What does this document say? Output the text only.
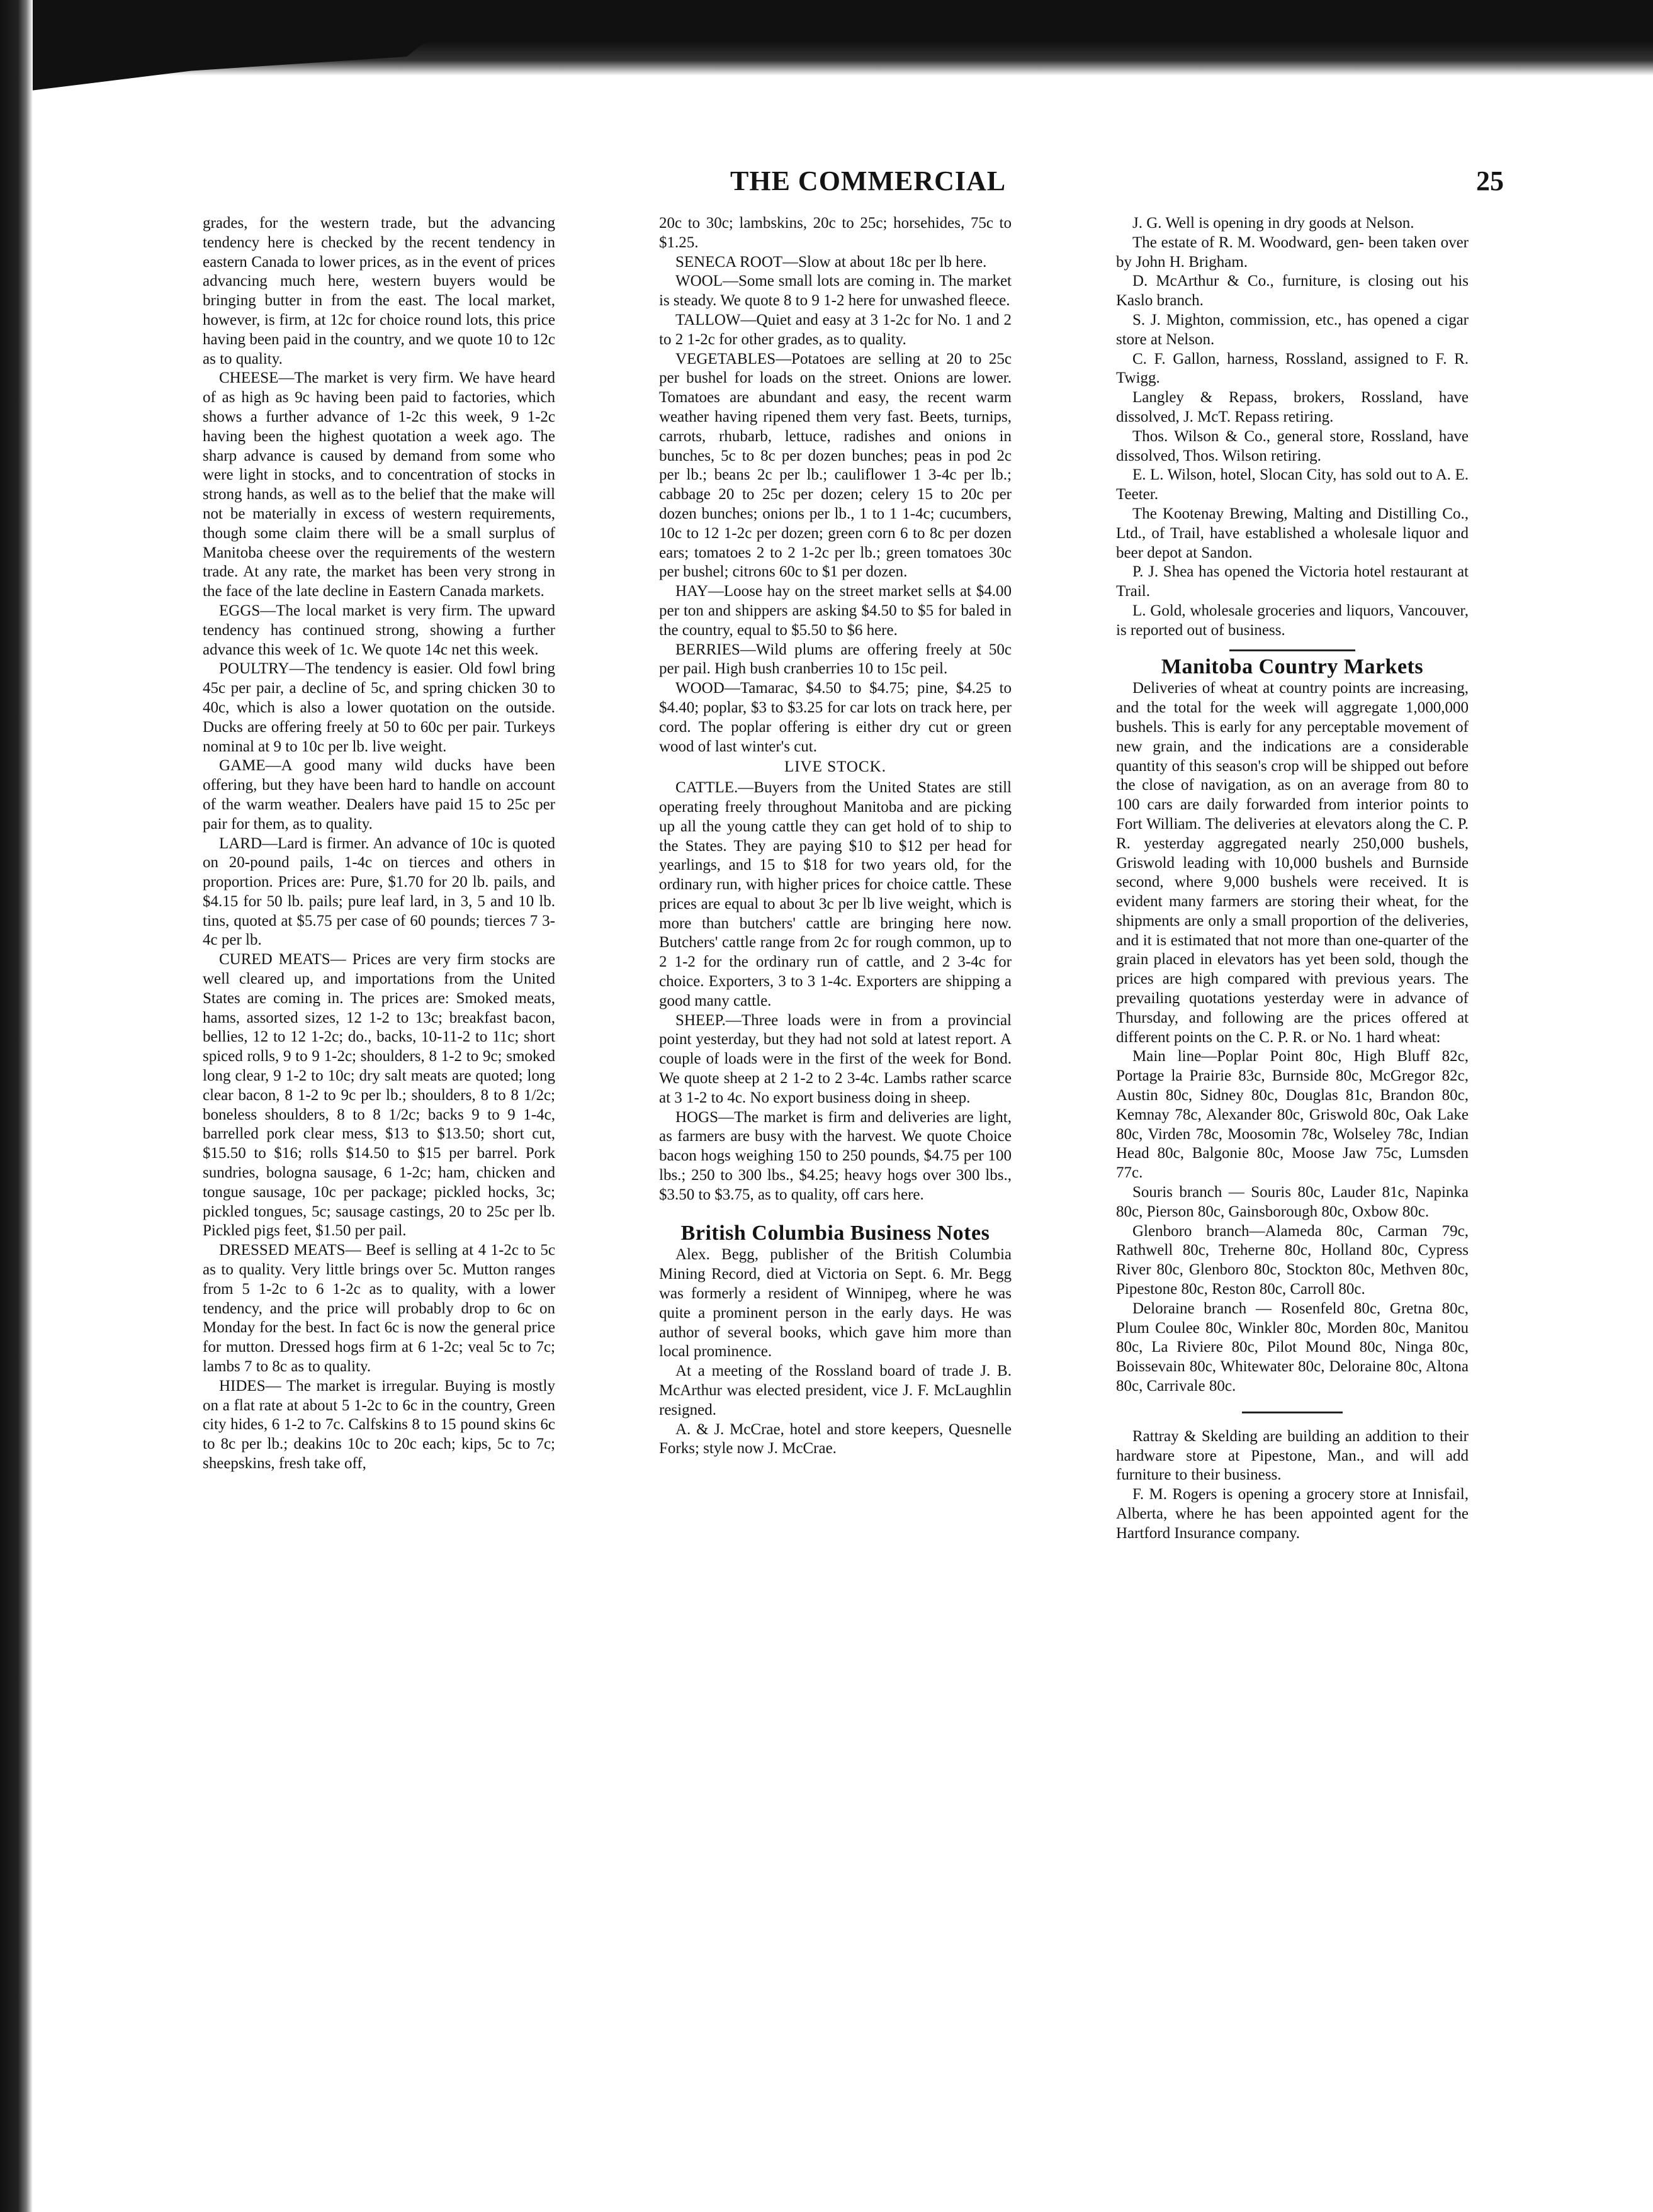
THE COMMERCIAL	25

grades, for the western trade, but the advancing tendency here is checked by the recent tendency in eastern Canada to lower prices, as in the event of prices advancing much here, western buyers would be bringing butter in from the east. The local market, however, is firm, at 12c for choice round lots, this price having been paid in the country, and we quote 10 to 12c as to quality.

CHEESE—The market is very firm. We have heard of as high as 9c having been paid to factories, which shows a further advance of 1-2c this week, 9 1-2c having been the highest quotation a week ago. The sharp advance is caused by demand from some who were light in stocks, and to concentration of stocks in strong hands, as well as to the belief that the make will not be materially in excess of western requirements, though some claim there will be a small surplus of Manitoba cheese over the requirements of the western trade. At any rate, the market has been very strong in the face of the late decline in Eastern Canada markets.

EGGS—The local market is very firm. The upward tendency has continued strong, showing a further advance this week of 1c. We quote 14c net this week.

POULTRY—The tendency is easier. Old fowl bring 45c per pair, a decline of 5c, and spring chicken 30 to 40c, which is also a lower quotation on the outside. Ducks are offering freely at 50 to 60c per pair. Turkeys nominal at 9 to 10c per lb. live weight.

GAME—A good many wild ducks have been offering, but they have been hard to handle on account of the warm weather. Dealers have paid 15 to 25c per pair for them, as to quality.

LARD—Lard is firmer. An advance of 10c is quoted on 20-pound pails, 1-4c on tierces and others in proportion. Prices are: Pure, $1.70 for 20 lb. pails, and $4.15 for 50 lb. pails; pure leaf lard, in 3, 5 and 10 lb. tins, quoted at $5.75 per case of 60 pounds; tierces 7 3-4c per lb.

CURED MEATS— Prices are very firm stocks are well cleared up, and importations from the United States are coming in. The prices are: Smoked meats, hams, assorted sizes, 12 1-2 to 13c; breakfast bacon, bellies, 12 to 12 1-2c; do., backs, 10-11-2 to 11c; short spiced rolls, 9 to 9 1-2c; shoulders, 8 1-2 to 9c; smoked long clear, 9 1-2 to 10c; dry salt meats are quoted; long clear bacon, 8 1-2 to 9c per lb.; shoulders, 8 to 8 1/2c; boneless shoulders, 8 to 8 1/2c; backs 9 to 9 1-4c, barrelled pork clear mess, $13 to $13.50; short cut, $15.50 to $16; rolls $14.50 to $15 per barrel. Pork sundries, bologna sausage, 6 1-2c; ham, chicken and tongue sausage, 10c per package; pickled hocks, 3c; pickled tongues, 5c; sausage castings, 20 to 25c per lb. Pickled pigs feet, $1.50 per pail.

DRESSED MEATS— Beef is selling at 4 1-2c to 5c as to quality. Very little brings over 5c. Mutton ranges from 5 1-2c to 6 1-2c as to quality, with a lower tendency, and the price will probably drop to 6c on Monday for the best. In fact 6c is now the general price for mutton. Dressed hogs firm at 6 1-2c; veal 5c to 7c; lambs 7 to 8c as to quality.

HIDES— The market is irregular. Buying is mostly on a flat rate at about 5 1-2c to 6c in the country, Green city hides, 6 1-2 to 7c. Calfskins 8 to 15 pound skins 6c to 8c per lb.; deakins 10c to 20c each; kips, 5c to 7c; sheepskins, fresh take off,

20c to 30c; lambskins, 20c to 25c; horsehides, 75c to $1.25.

SENECA ROOT—Slow at about 18c per lb here.

WOOL—Some small lots are coming in. The market is steady. We quote 8 to 9 1-2 here for unwashed fleece.

TALLOW—Quiet and easy at 3 1-2c for No. 1 and 2 to 2 1-2c for other grades, as to quality.

VEGETABLES—Potatoes are selling at 20 to 25c per bushel for loads on the street. Onions are lower. Tomatoes are abundant and easy, the recent warm weather having ripened them very fast. Beets, turnips, carrots, rhubarb, lettuce, radishes and onions in bunches, 5c to 8c per dozen bunches; peas in pod 2c per lb.; beans 2c per lb.; cauliflower 1 3-4c per lb.; cabbage 20 to 25c per dozen; celery 15 to 20c per dozen bunches; onions per lb., 1 to 1 1-4c; cucumbers, 10c to 12 1-2c per dozen; green corn 6 to 8c per dozen ears; tomatoes 2 to 2 1-2c per lb.; green tomatoes 30c per bushel; citrons 60c to $1 per dozen.

HAY—Loose hay on the street market sells at $4.00 per ton and shippers are asking $4.50 to $5 for baled in the country, equal to $5.50 to $6 here.

BERRIES—Wild plums are offering freely at 50c per pail. High bush cranberries 10 to 15c peil.

WOOD—Tamarac, $4.50 to $4.75; pine, $4.25 to $4.40; poplar, $3 to $3.25 for car lots on track here, per cord. The poplar offering is either dry cut or green wood of last winter's cut.

LIVE STOCK.

CATTLE.—Buyers from the United States are still operating freely throughout Manitoba and are picking up all the young cattle they can get hold of to ship to the States. They are paying $10 to $12 per head for yearlings, and 15 to $18 for two years old, for the ordinary run, with higher prices for choice cattle. These prices are equal to about 3c per lb live weight, which is more than butchers' cattle are bringing here now. Butchers' cattle range from 2c for rough common, up to 2 1-2 for the ordinary run of cattle, and 2 3-4c for choice. Exporters, 3 to 3 1-4c. Exporters are shipping a good many cattle.

SHEEP.—Three loads were in from a provincial point yesterday, but they had not sold at latest report. A couple of loads were in the first of the week for Bond. We quote sheep at 2 1-2 to 2 3-4c. Lambs rather scarce at 3 1-2 to 4c. No export business doing in sheep.

HOGS—The market is firm and deliveries are light, as farmers are busy with the harvest. We quote Choice bacon hogs weighing 150 to 250 pounds, $4.75 per 100 lbs.; 250 to 300 lbs., $4.25; heavy hogs over 300 lbs., $3.50 to $3.75, as to quality, off cars here.

British Columbia Business Notes

Alex. Begg, publisher of the British Columbia Mining Record, died at Victoria on Sept. 6. Mr. Begg was formerly a resident of Winnipeg, where he was quite a prominent person in the early days. He was author of several books, which gave him more than local prominence.

At a meeting of the Rossland board of trade J. B. McArthur was elected president, vice J. F. McLaughlin resigned.

A. & J. McCrae, hotel and store keepers, Quesnelle Forks; style now J. McCrae.

J. G. Well is opening in dry goods at Nelson.

The estate of R. M. Woodward, gen- been taken over by John H. Brigham.

D. McArthur & Co., furniture, is closing out his Kaslo branch.

S. J. Mighton, commission, etc., has opened a cigar store at Nelson.

C. F. Gallon, harness, Rossland, assigned to F. R. Twigg.

Langley & Repass, brokers, Rossland, have dissolved, J. McT. Repass retiring.

Thos. Wilson & Co., general store, Rossland, have dissolved, Thos. Wilson retiring.

E. L. Wilson, hotel, Slocan City, has sold out to A. E. Teeter.

The Kootenay Brewing, Malting and Distilling Co., Ltd., of Trail, have established a wholesale liquor and beer depot at Sandon.

P. J. Shea has opened the Victoria hotel restaurant at Trail.

L. Gold, wholesale groceries and liquors, Vancouver, is reported out of business.

Manitoba Country Markets

Deliveries of wheat at country points are increasing, and the total for the week will aggregate 1,000,000 bushels. This is early for any perceptable movement of new grain, and the indications are a considerable quantity of this season's crop will be shipped out before the close of navigation, as on an average from 80 to 100 cars are daily forwarded from interior points to Fort William. The deliveries at elevators along the C. P. R. yesterday aggregated nearly 250,000 bushels, Griswold leading with 10,000 bushels and Burnside second, where 9,000 bushels were received. It is evident many farmers are storing their wheat, for the shipments are only a small proportion of the deliveries, and it is estimated that not more than one-quarter of the grain placed in elevators has yet been sold, though the prices are high compared with previous years. The prevailing quotations yesterday were in advance of Thursday, and following are the prices offered at different points on the C. P. R. or No. 1 hard wheat:

Main line—Poplar Point 80c, High Bluff 82c, Portage la Prairie 83c, Burnside 80c, McGregor 82c, Austin 80c, Sidney 80c, Douglas 81c, Brandon 80c, Kemnay 78c, Alexander 80c, Griswold 80c, Oak Lake 80c, Virden 78c, Moosomin 78c, Wolseley 78c, Indian Head 80c, Balgonie 80c, Moose Jaw 75c, Lumsden 77c.

Souris branch — Souris 80c, Lauder 81c, Napinka 80c, Pierson 80c, Gainsborough 80c, Oxbow 80c.

Glenboro branch—Alameda 80c, Carman 79c, Rathwell 80c, Treherne 80c, Holland 80c, Cypress River 80c, Glenboro 80c, Stockton 80c, Methven 80c, Pipestone 80c, Reston 80c, Carroll 80c.

Deloraine branch — Rosenfeld 80c, Gretna 80c, Plum Coulee 80c, Winkler 80c, Morden 80c, Manitou 80c, La Riviere 80c, Pilot Mound 80c, Ninga 80c, Boissevain 80c, Whitewater 80c, Deloraine 80c, Altona 80c, Carrivale 80c.

Rattray & Skelding are building an addition to their hardware store at Pipestone, Man., and will add furniture to their business.

F. M. Rogers is opening a grocery store at Innisfail, Alberta, where he has been appointed agent for the Hartford Insurance company.
